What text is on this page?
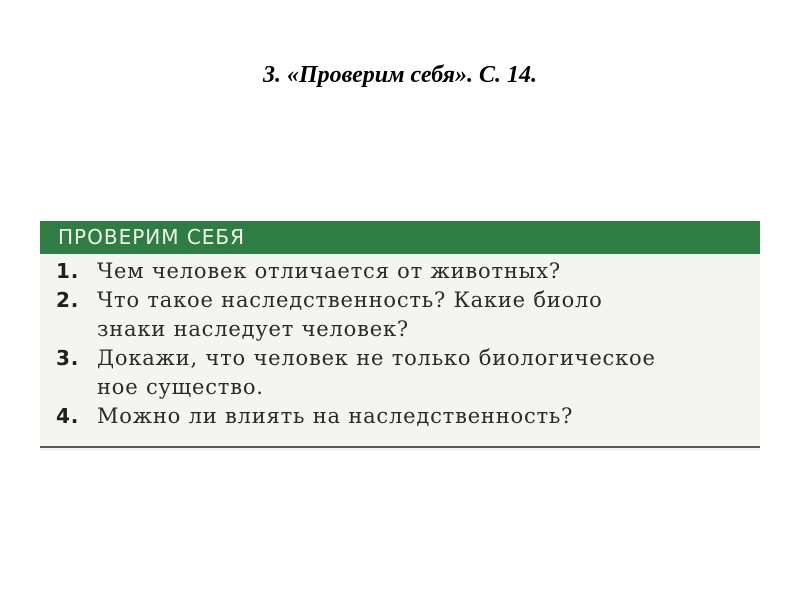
3. «Проверим себя». С. 14.
ПРОВЕРИМ СЕБЯ
1. Чем человек отличается от животных?
2. Что такое наследственность? Какие биоло
знаки наследует человек?
3. Докажи, что человек не только биологическое
ное существо.
4. Можно ли влиять на наследственность?
